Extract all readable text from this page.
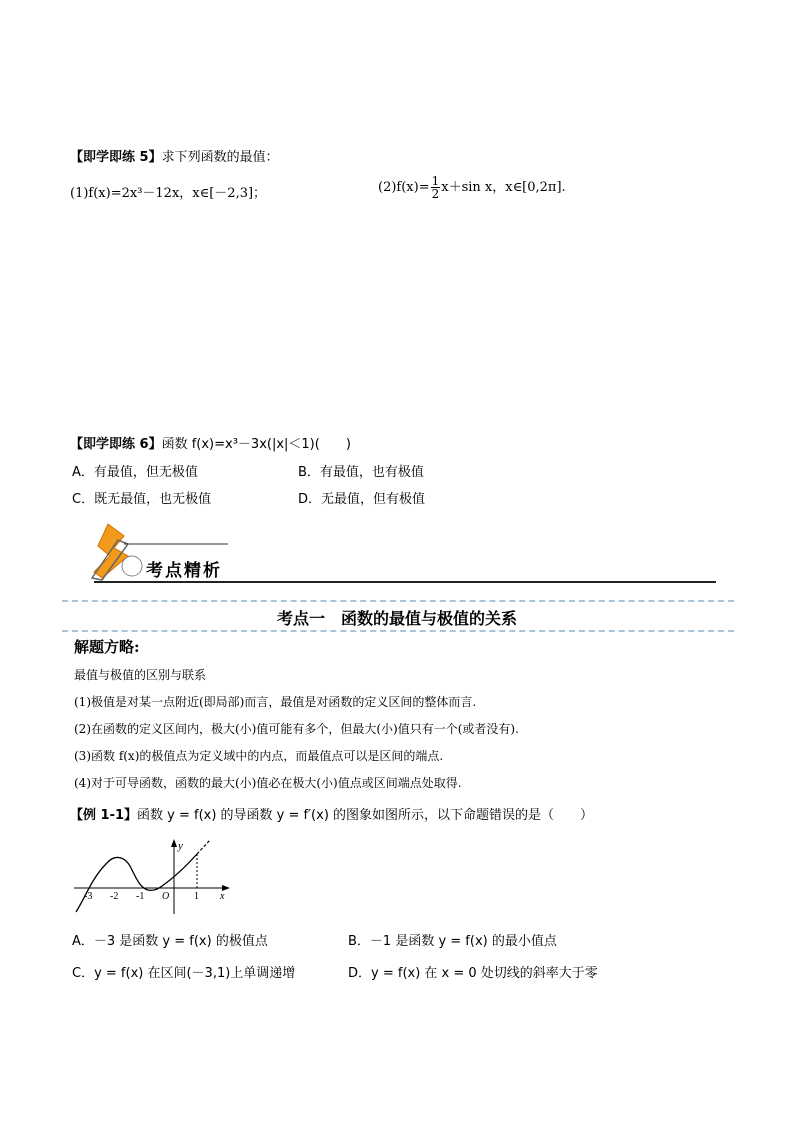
【即学即练 5】求下列函数的最值：
(1)f(x)=2x³－12x，x∈[－2,3]；	$(2)f(x)= \frac{1}{2} x+\sin$ x，x∈[0,2π].
【即学即练 6】函数 f(x)=x³－3x(|x|＜1)(　　)
A．有最值，但无极值	B．有最值，也有极值
C．既无最值，也无极值	D．无最值，但有极值
考点精析
考点一　函数的最值与极值的关系
解题方略:
最值与极值的区别与联系
(1)极值是对某一点附近(即局部)而言，最值是对函数的定义区间的整体而言.
(2)在函数的定义区间内，极大(小)值可能有多个，但最大(小)值只有一个(或者没有).
(3)函数 f(x)的极值点为定义域中的内点，而最值点可以是区间的端点.
(4)对于可导函数，函数的最大(小)值必在极大(小)值点或区间端点处取得.
【例 1-1】函数 y = f(x) 的导函数 y = f′(x) 的图象如图所示，以下命题错误的是（　　）
y
x
-3 -2 -1 O 1
A．－3 是函数 y = f(x) 的极值点	B．－1 是函数 y = f(x) 的最小值点
C．y = f(x) 在区间(－3,1)上单调递增	D．y = f(x) 在 x = 0 处切线的斜率大于零
